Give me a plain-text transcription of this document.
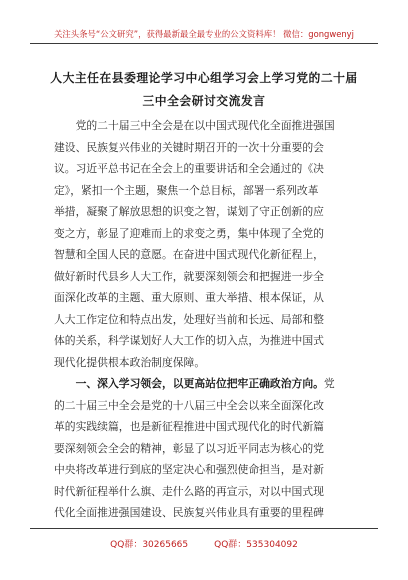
关注头条号“公文研究”，获得最新最全最专业的公文资料库！ 微信：gongwenyj
人大主任在县委理论学习中心组学习会上学习党的二十届
三中全会研讨交流发言
党的二十届三中全会是在以中国式现代化全面推进强国
建设、民族复兴伟业的关键时期召开的一次十分重要的会
议。习近平总书记在全会上的重要讲话和全会通过的《决
定》，紧扣一个主题，聚焦一个总目标，部署一系列改革
举措，凝聚了解放思想的识变之智，谋划了守正创新的应
变之方，彰显了迎难而上的求变之勇，集中体现了全党的
智慧和全国人民的意愿。在奋进中国式现代化新征程上，
做好新时代县乡人大工作，就要深刻领会和把握进一步全
面深化改革的主题、重大原则、重大举措、根本保证，从
人大工作定位和特点出发，处理好当前和长远、局部和整
体的关系，科学谋划好人大工作的切入点，为推进中国式
现代化提供根本政治制度保障。
一、深入学习领会，以更高站位把牢正确政治方向。党
的二十届三中全会是党的十八届三中全会以来全面深化改
革的实践续篇，也是新征程推进中国式现代化的时代新篇
要深刻领会全会的精神，彰显了以习近平同志为核心的党
中央将改革进行到底的坚定决心和强烈使命担当，是对新
时代新征程举什么旗、走什么路的再宣示，对以中国式现
代化全面推进强国建设、民族复兴伟业具有重要的里程碑
QQ群：30265665	QQ群：535304092
